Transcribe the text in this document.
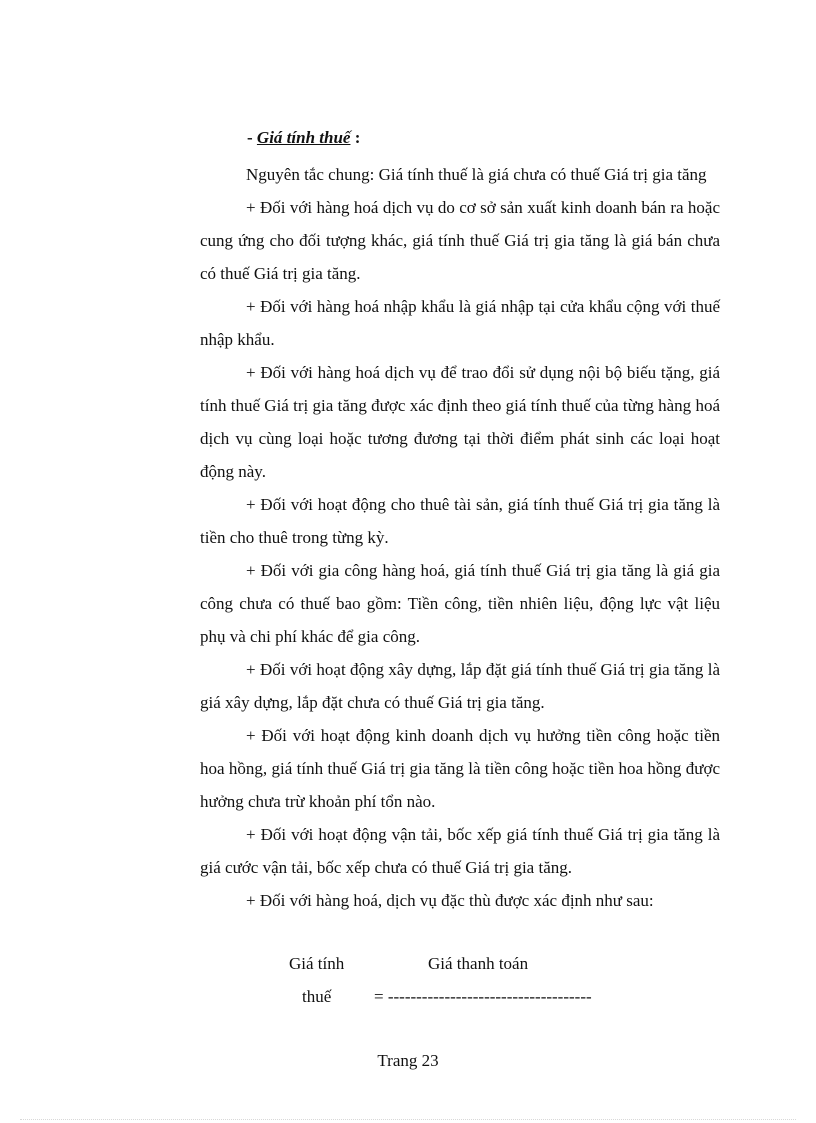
- Giá tính thuế :

Nguyên tắc chung: Giá tính thuế là giá chưa có thuế Giá trị gia tăng

+ Đối với hàng hoá dịch vụ do cơ sở sản xuất kinh doanh bán ra hoặc cung ứng cho đối tượng khác, giá tính thuế Giá trị gia tăng là giá bán chưa có thuế Giá trị gia tăng.

+ Đối với hàng hoá nhập khẩu là giá nhập tại cửa khẩu cộng với thuế nhập khẩu.

+ Đối với hàng hoá dịch vụ để trao đổi sử dụng nội bộ biếu tặng, giá tính thuế Giá trị gia tăng được xác định theo giá tính thuế của từng hàng hoá dịch vụ cùng loại hoặc tương đương tại thời điểm phát sinh các loại hoạt động này.

+ Đối với hoạt động cho thuê tài sản, giá tính thuế Giá trị gia tăng là tiền cho thuê trong từng kỳ.

+ Đối với gia công hàng hoá, giá tính thuế Giá trị gia tăng là giá gia công chưa có thuế bao gồm: Tiền công, tiền nhiên liệu, động lực vật liệu phụ và chi phí khác để gia công.

+ Đối với hoạt động xây dựng, lắp đặt giá tính thuế Giá trị gia tăng là giá xây dựng, lắp đặt chưa có thuế Giá trị gia tăng.

+ Đối với hoạt động kinh doanh dịch vụ hưởng tiền công hoặc tiền hoa hồng, giá tính thuế Giá trị gia tăng là tiền công hoặc tiền hoa hồng được hưởng chưa trừ khoản phí tổn nào.

+ Đối với hoạt động vận tải, bốc xếp giá tính thuế Giá trị gia tăng là giá cước vận tải, bốc xếp chưa có thuế Giá trị gia tăng.

+ Đối với hàng hoá, dịch vụ đặc thù được xác định như sau:

Giá tính	Giá thanh toán
thuế	= ------------------------------------
Trang 23
